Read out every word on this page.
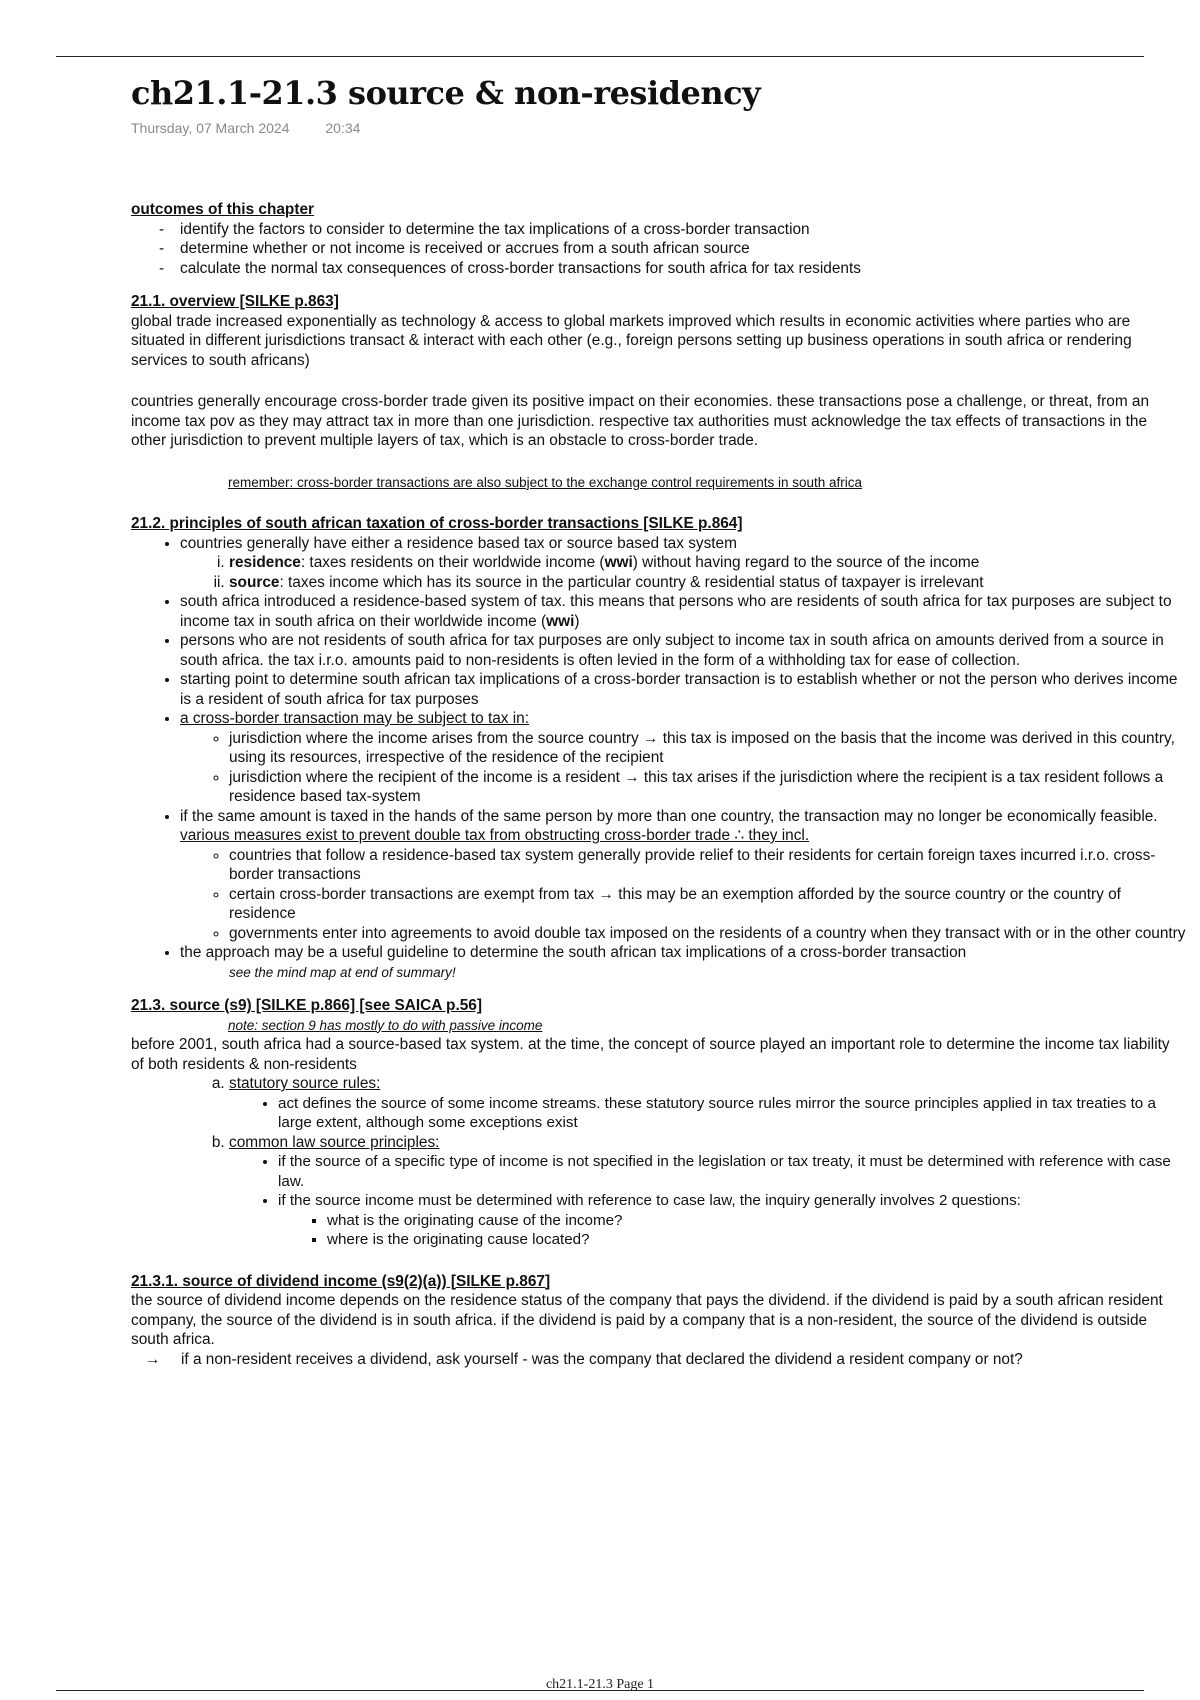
ch21.1-21.3 source & non-residency
Thursday, 07 March 2024	20:34

outcomes of this chapter

- identify the factors to consider to determine the tax implications of a cross-border transaction
- determine whether or not income is received or accrues from a south african source
- calculate the normal tax consequences of cross-border transactions for south africa for tax residents

21.1. overview [SILKE p.863]

global trade increased exponentially as technology & access to global markets improved which results in economic activities where parties who are situated in different jurisdictions transact & interact with each other (e.g., foreign persons setting up business operations in south africa or rendering services to south africans)

countries generally encourage cross-border trade given its positive impact on their economies. these transactions pose a challenge, or threat, from an income tax pov as they may attract tax in more than one jurisdiction. respective tax authorities must acknowledge the tax effects of transactions in the other jurisdiction to prevent multiple layers of tax, which is an obstacle to cross-border trade.

remember: cross-border transactions are also subject to the exchange control requirements in south africa

21.2. principles of south african taxation of cross-border transactions [SILKE p.864]

• countries generally have either a residence based tax or source based tax system
i. residence: taxes residents on their worldwide income (wwi) without having regard to the source of the income
ii. source: taxes income which has its source in the particular country & residential status of taxpayer is irrelevant
• south africa introduced a residence-based system of tax. this means that persons who are residents of south africa for tax purposes are subject to income tax in south africa on their worldwide income (wwi)
• persons who are not residents of south africa for tax purposes are only subject to income tax in south africa on amounts derived from a source in south africa. the tax i.r.o. amounts paid to non-residents is often levied in the form of a withholding tax for ease of collection.
• starting point to determine south african tax implications of a cross-border transaction is to establish whether or not the person who derives income is a resident of south africa for tax purposes
• a cross-border transaction may be subject to tax in:
◦ jurisdiction where the income arises from the source country → this tax is imposed on the basis that the income was derived in this country, using its resources, irrespective of the residence of the recipient
◦ jurisdiction where the recipient of the income is a resident → this tax arises if the jurisdiction where the recipient is a tax resident follows a residence based tax-system
• if the same amount is taxed in the hands of the same person by more than one country, the transaction may no longer be economically feasible. various measures exist to prevent double tax from obstructing cross-border trade ∴ they incl.
◦ countries that follow a residence-based tax system generally provide relief to their residents for certain foreign taxes incurred i.r.o. cross-border transactions
◦ certain cross-border transactions are exempt from tax → this may be an exemption afforded by the source country or the country of residence
◦ governments enter into agreements to avoid double tax imposed on the residents of a country when they transact with or in the other country
• the approach may be a useful guideline to determine the south african tax implications of a cross-border transaction
see the mind map at end of summary!

21.3. source (s9) [SILKE p.866] [see SAICA p.56]

note: section 9 has mostly to do with passive income

before 2001, south africa had a source-based tax system. at the time, the concept of source played an important role to determine the income tax liability of both residents & non-residents

a. statutory source rules:
• act defines the source of some income streams. these statutory source rules mirror the source principles applied in tax treaties to a large extent, although some exceptions exist
b. common law source principles:
• if the source of a specific type of income is not specified in the legislation or tax treaty, it must be determined with reference with case law.
• if the source income must be determined with reference to case law, the inquiry generally involves 2 questions:
▪ what is the originating cause of the income?
▪ where is the originating cause located?

21.3.1. source of dividend income (s9(2)(a)) [SILKE p.867]

the source of dividend income depends on the residence status of the company that pays the dividend. if the dividend is paid by a south african resident company, the source of the dividend is in south africa. if the dividend is paid by a company that is a non-resident, the source of the dividend is outside south africa.

→	if a non-resident receives a dividend, ask yourself - was the company that declared the dividend a resident company or not?
ch21.1-21.3 Page 1
